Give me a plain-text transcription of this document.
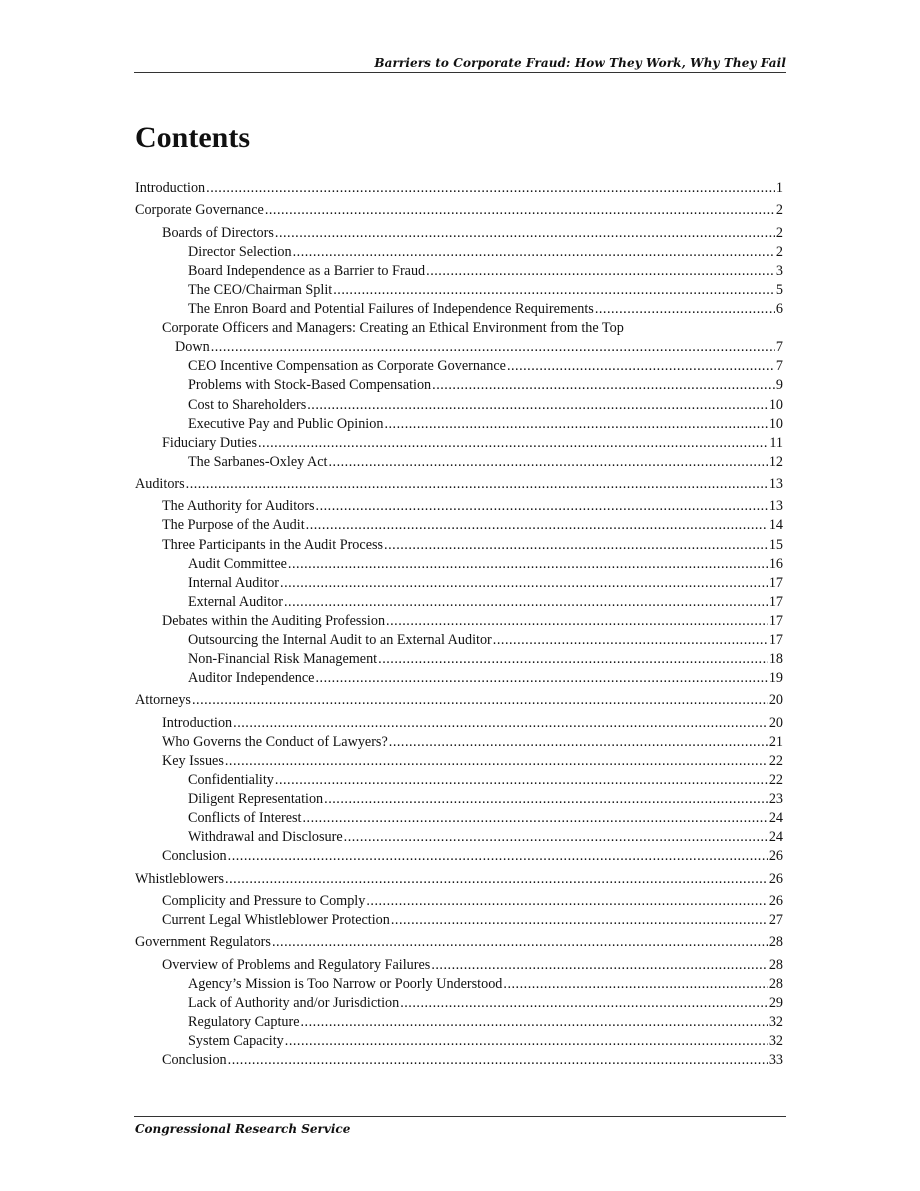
Barriers to Corporate Fraud: How They Work, Why They Fail
Contents
Introduction .....	1
Corporate Governance .....	2
Boards of Directors .....	2
Director Selection .....	2
Board Independence as a Barrier to Fraud .....	3
The CEO/Chairman Split .....	5
The Enron Board and Potential Failures of Independence Requirements .....	6
Corporate Officers and Managers: Creating an Ethical Environment from the Top
Down .....	7
CEO Incentive Compensation as Corporate Governance .....	7
Problems with Stock-Based Compensation .....	9
Cost to Shareholders .....	10
Executive Pay and Public Opinion .....	10
Fiduciary Duties .....	11
The Sarbanes-Oxley Act .....	12
Auditors .....	13
The Authority for Auditors .....	13
The Purpose of the Audit .....	14
Three Participants in the Audit Process .....	15
Audit Committee .....	16
Internal Auditor .....	17
External Auditor .....	17
Debates within the Auditing Profession .....	17
Outsourcing the Internal Audit to an External Auditor .....	17
Non-Financial Risk Management .....	18
Auditor Independence .....	19
Attorneys .....	20
Introduction .....	20
Who Governs the Conduct of Lawyers? .....	21
Key Issues .....	22
Confidentiality .....	22
Diligent Representation .....	23
Conflicts of Interest .....	24
Withdrawal and Disclosure .....	24
Conclusion .....	26
Whistleblowers .....	26
Complicity and Pressure to Comply .....	26
Current Legal Whistleblower Protection .....	27
Government Regulators .....	28
Overview of Problems and Regulatory Failures .....	28
Agency’s Mission is Too Narrow or Poorly Understood .....	28
Lack of Authority and/or Jurisdiction .....	29
Regulatory Capture .....	32
System Capacity .....	32
Conclusion .....	33
Congressional Research Service
